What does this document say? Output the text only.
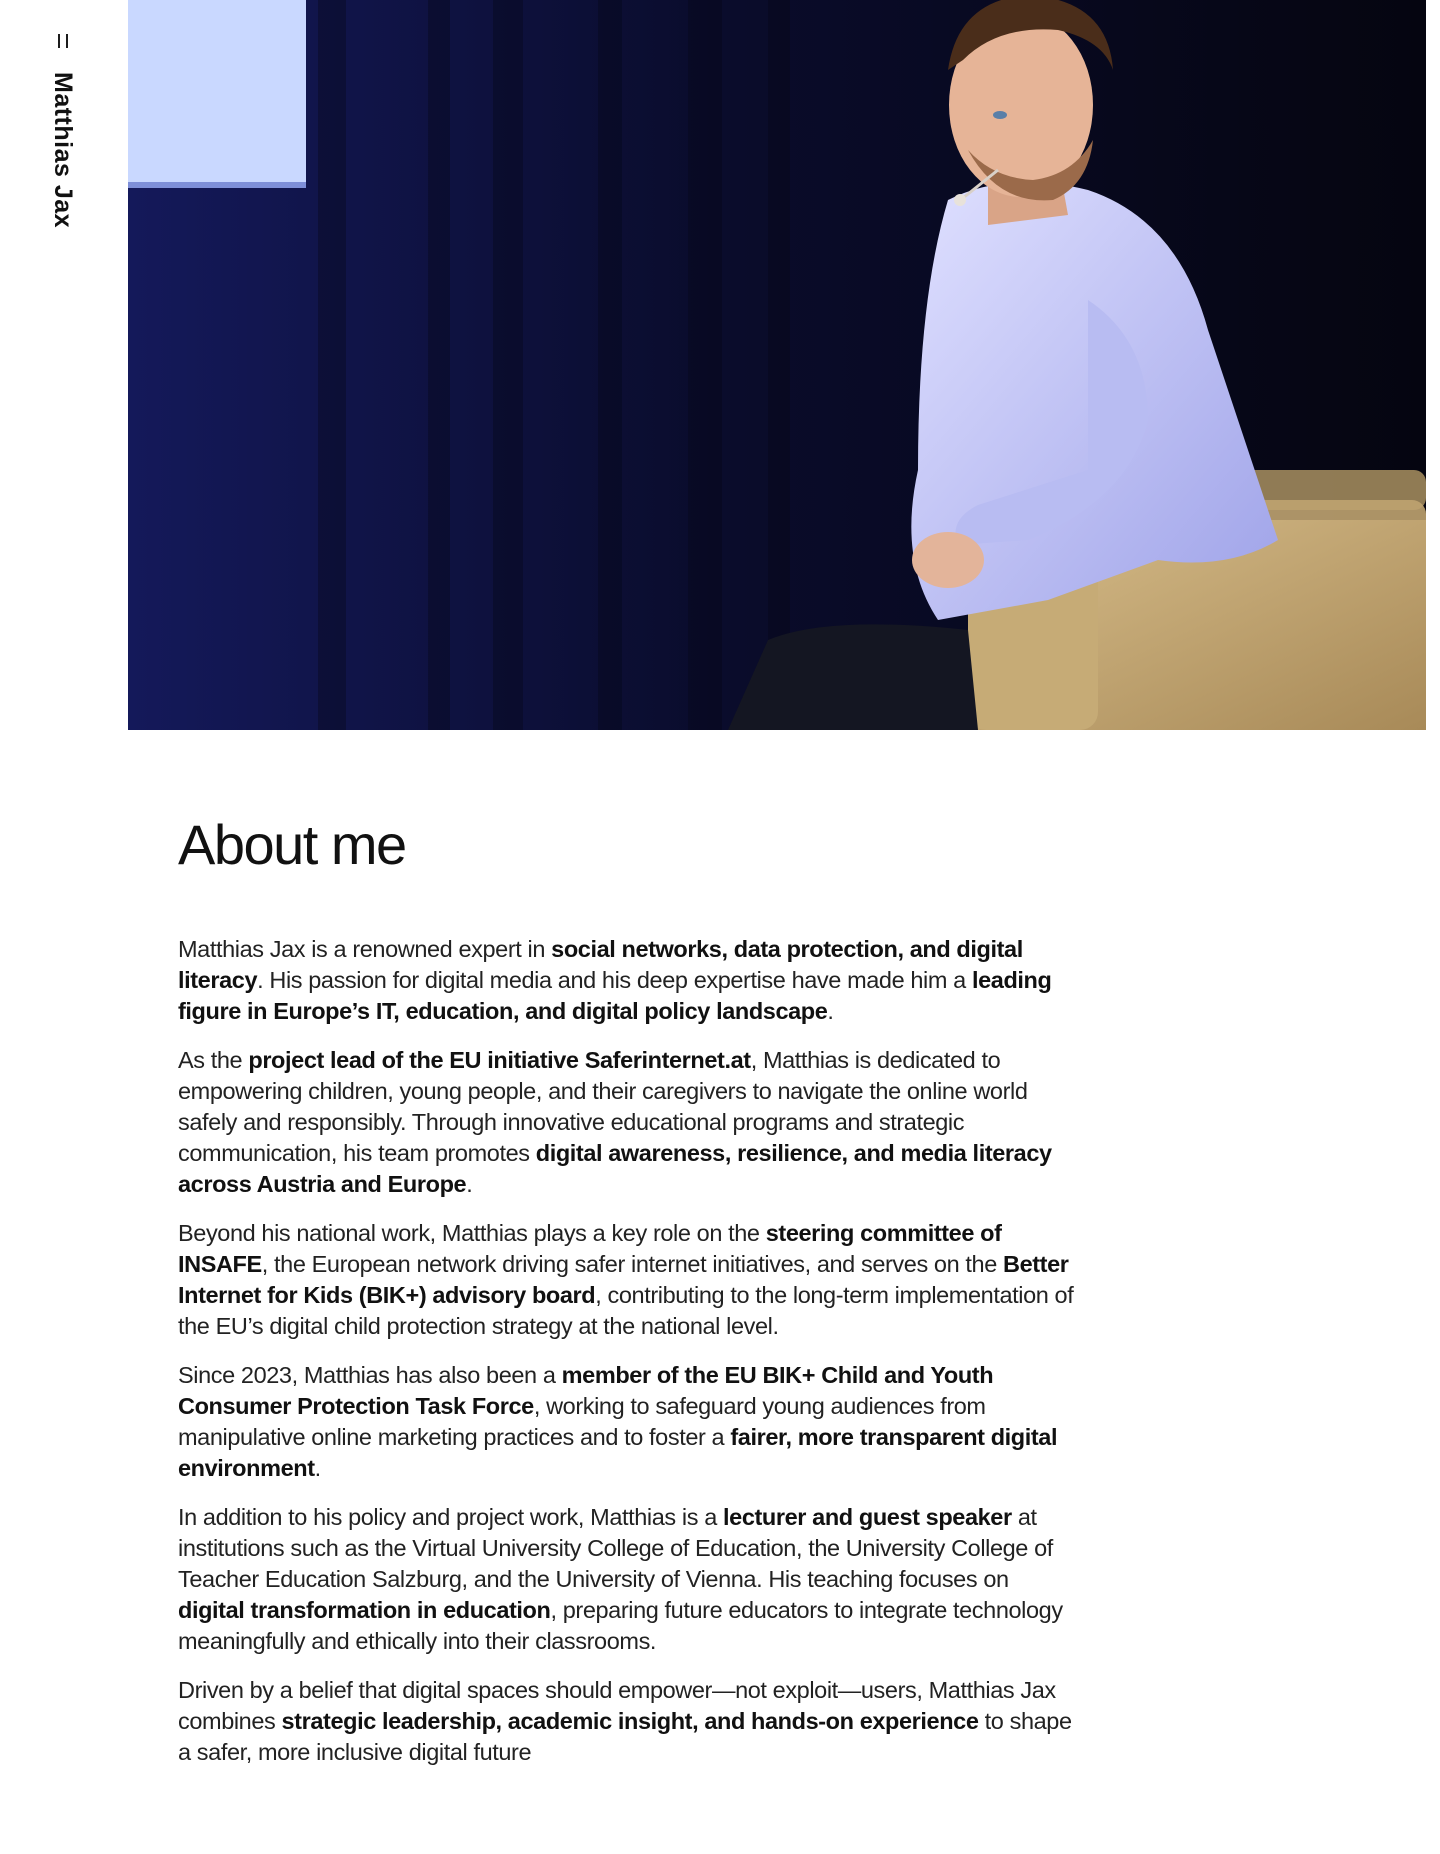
Matthias Jax
About me

Matthias Jax is a renowned expert in social networks, data protection, and digital literacy. His passion for digital media and his deep expertise have made him a leading figure in Europe’s IT, education, and digital policy landscape.

As the project lead of the EU initiative Saferinternet.at, Matthias is dedicated to empowering children, young people, and their caregivers to navigate the online world safely and responsibly. Through innovative educational programs and strategic communication, his team promotes digital awareness, resilience, and media literacy across Austria and Europe.

Beyond his national work, Matthias plays a key role on the steering committee of INSAFE, the European network driving safer internet initiatives, and serves on the Better Internet for Kids (BIK+) advisory board, contributing to the long-term implementation of the EU’s digital child protection strategy at the national level.

Since 2023, Matthias has also been a member of the EU BIK+ Child and Youth Consumer Protection Task Force, working to safeguard young audiences from manipulative online marketing practices and to foster a fairer, more transparent digital environment.

In addition to his policy and project work, Matthias is a lecturer and guest speaker at institutions such as the Virtual University College of Education, the University College of Teacher Education Salzburg, and the University of Vienna. His teaching focuses on digital transformation in education, preparing future educators to integrate technology meaningfully and ethically into their classrooms.

Driven by a belief that digital spaces should empower—not exploit—users, Matthias Jax combines strategic leadership, academic insight, and hands-on experience to shape a safer, more inclusive digital future
